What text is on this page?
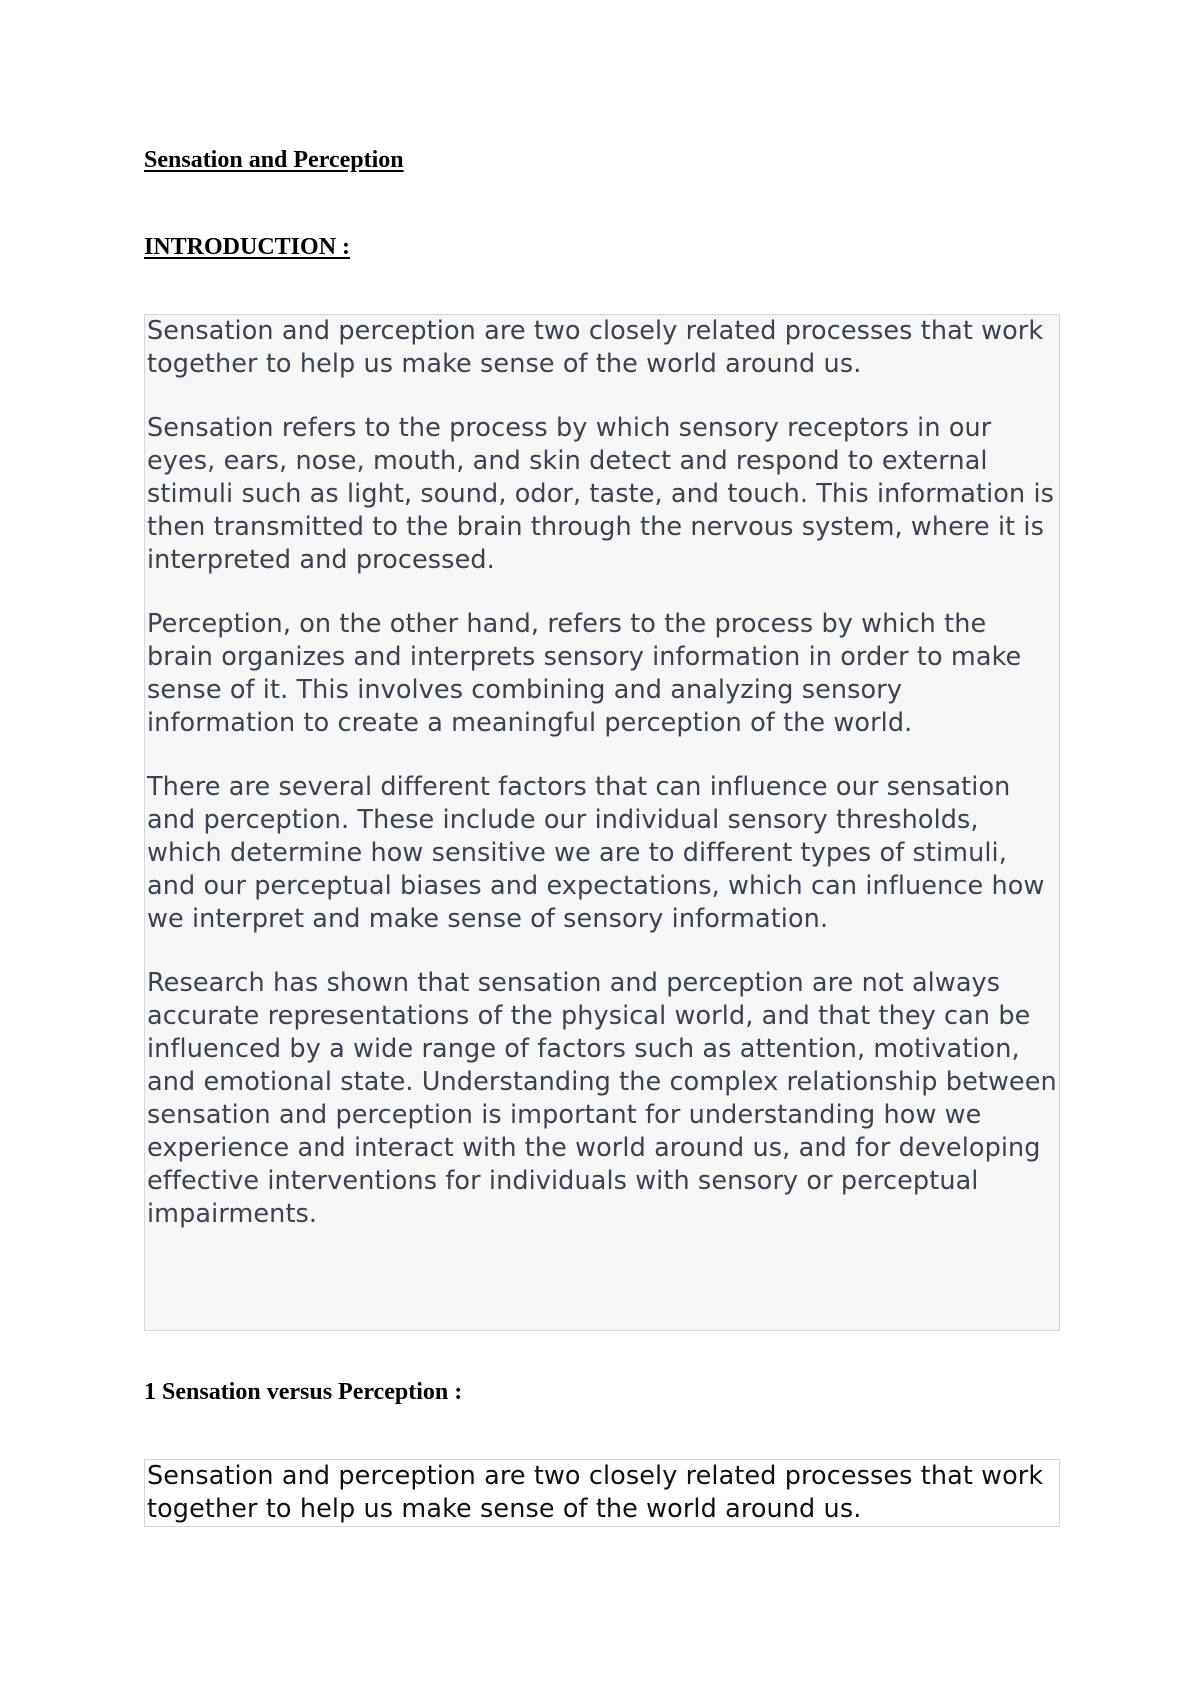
Sensation and Perception
INTRODUCTION :

Sensation and perception are two closely related processes that work together to help us make sense of the world around us.

Sensation refers to the process by which sensory receptors in our eyes, ears, nose, mouth, and skin detect and respond to external stimuli such as light, sound, odor, taste, and touch. This information is then transmitted to the brain through the nervous system, where it is interpreted and processed.

Perception, on the other hand, refers to the process by which the brain organizes and interprets sensory information in order to make sense of it. This involves combining and analyzing sensory information to create a meaningful perception of the world.

There are several different factors that can influence our sensation and perception. These include our individual sensory thresholds, which determine how sensitive we are to different types of stimuli, and our perceptual biases and expectations, which can influence how we interpret and make sense of sensory information.

Research has shown that sensation and perception are not always accurate representations of the physical world, and that they can be influenced by a wide range of factors such as attention, motivation, and emotional state. Understanding the complex relationship between sensation and perception is important for understanding how we experience and interact with the world around us, and for developing effective interventions for individuals with sensory or perceptual impairments.

1 Sensation versus Perception :

Sensation and perception are two closely related processes that work together to help us make sense of the world around us.
